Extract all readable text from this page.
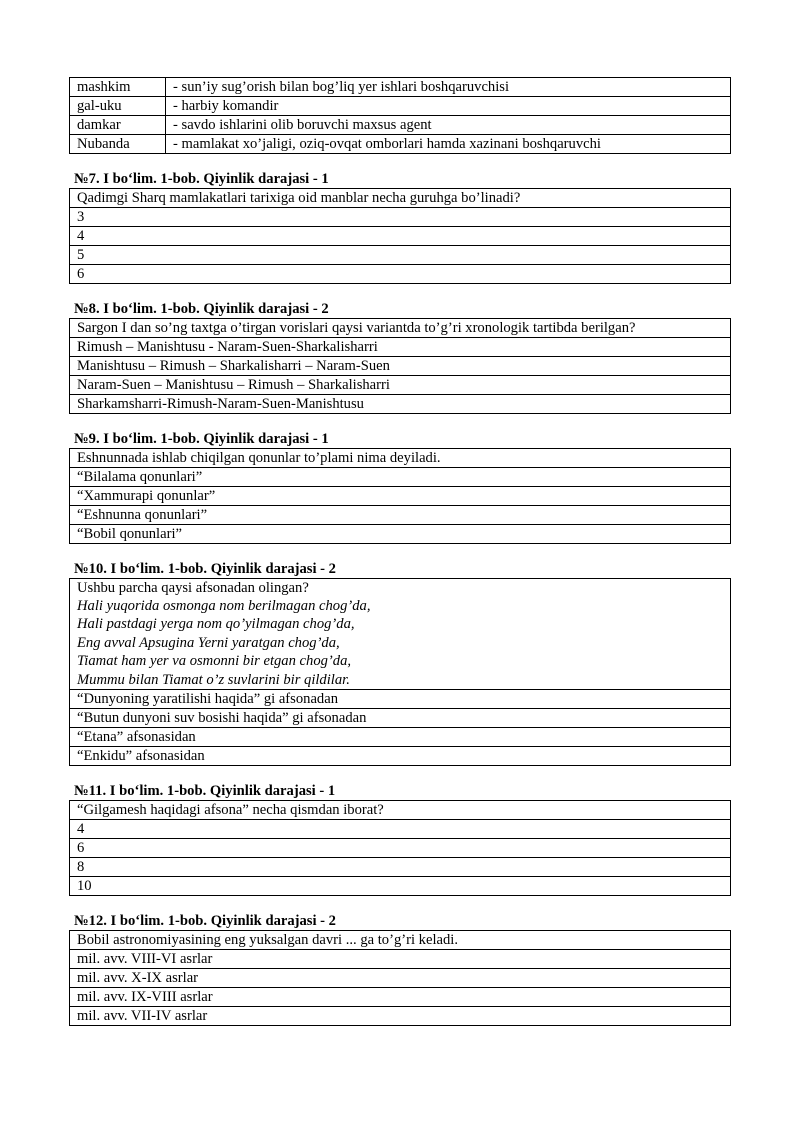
mashkim	- sun’iy sug’orish bilan bog’liq yer ishlari boshqaruvchisi
gal-uku	- harbiy komandir
damkar	- savdo ishlarini olib boruvchi maxsus agent
Nubanda	- mamlakat xo’jaligi, oziq-ovqat omborlari hamda xazinani boshqaruvchi
№7. I bo‘lim. 1-bob. Qiyinlik darajasi - 1
Qadimgi Sharq mamlakatlari tarixiga oid manblar necha guruhga bo’linadi?
3
4
5
6
№8. I bo‘lim. 1-bob. Qiyinlik darajasi - 2
Sargon I dan so’ng taxtga o’tirgan vorislari qaysi variantda to’g’ri xronologik tartibda berilgan?
Rimush – Manishtusu - Naram-Suen-Sharkalisharri
Manishtusu – Rimush – Sharkalisharri – Naram-Suen
Naram-Suen – Manishtusu – Rimush – Sharkalisharri
Sharkamsharri-Rimush-Naram-Suen-Manishtusu
№9. I bo‘lim. 1-bob. Qiyinlik darajasi - 1
Eshnunnada ishlab chiqilgan qonunlar to’plami nima deyiladi.
“Bilalama qonunlari”
“Xammurapi qonunlar”
“Eshnunna qonunlari”
“Bobil qonunlari”
№10. I bo‘lim. 1-bob. Qiyinlik darajasi - 2
Ushbu parcha qaysi afsonadan olingan?
Hali yuqorida osmonga nom berilmagan chog’da,
Hali pastdagi yerga nom qo’yilmagan chog’da,
Eng avval Apsugina Yerni yaratgan chog’da,
Tiamat ham yer va osmonni bir etgan chog’da,
Mummu bilan Tiamat o’z suvlarini bir qildilar.

“Dunyoning yaratilishi haqida” gi afsonadan
“Butun dunyoni suv bosishi haqida” gi afsonadan
“Etana” afsonasidan
“Enkidu” afsonasidan
№11. I bo‘lim. 1-bob. Qiyinlik darajasi - 1
“Gilgamesh haqidagi afsona” necha qismdan iborat?
4
6
8
10
№12. I bo‘lim. 1-bob. Qiyinlik darajasi - 2
Bobil astronomiyasining eng yuksalgan davri ... ga to’g’ri keladi.
mil. avv. VIII-VI asrlar
mil. avv. X-IX asrlar
mil. avv. IX-VIII asrlar
mil. avv. VII-IV asrlar
